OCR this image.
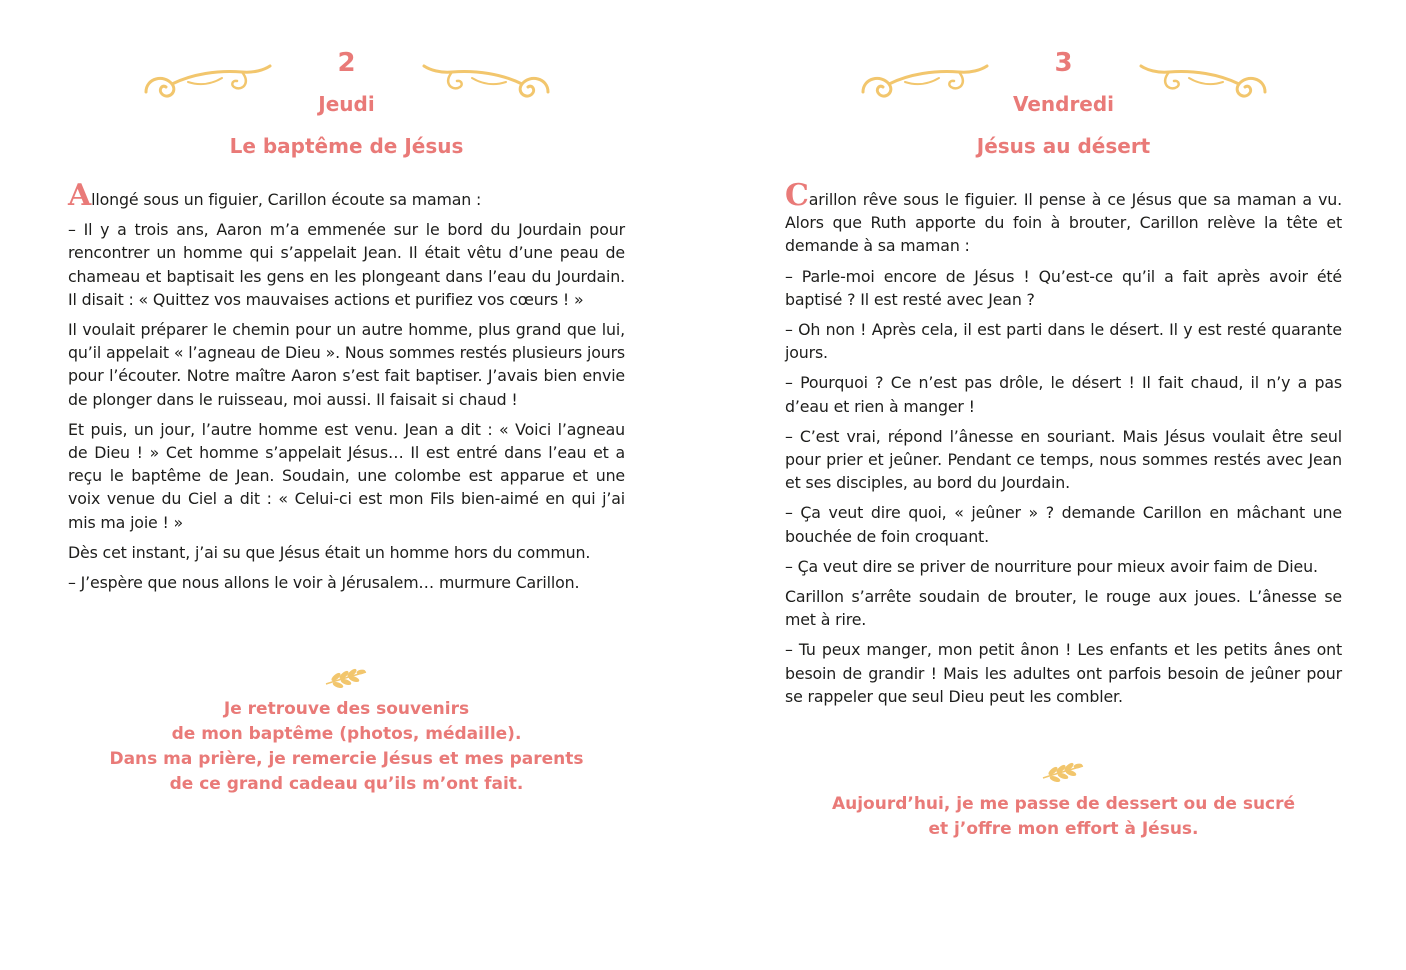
2
Jeudi
Le baptême de Jésus

Allongé sous un figuier, Carillon écoute sa maman :

– Il y a trois ans, Aaron m’a emmenée sur le bord du Jourdain pour rencontrer un homme qui s’appelait Jean. Il était vêtu d’une peau de chameau et baptisait les gens en les plongeant dans l’eau du Jourdain. Il disait : « Quittez vos mauvaises actions et purifiez vos cœurs ! »

Il voulait préparer le chemin pour un autre homme, plus grand que lui, qu’il appelait « l’agneau de Dieu ». Nous sommes restés plusieurs jours pour l’écouter. Notre maître Aaron s’est fait baptiser. J’avais bien envie de plonger dans le ruisseau, moi aussi. Il faisait si chaud !

Et puis, un jour, l’autre homme est venu. Jean a dit : « Voici l’agneau de Dieu ! » Cet homme s’appelait Jésus… Il est entré dans l’eau et a reçu le baptême de Jean. Soudain, une colombe est apparue et une voix venue du Ciel a dit : « Celui-ci est mon Fils bien-aimé en qui j’ai mis ma joie ! »

Dès cet instant, j’ai su que Jésus était un homme hors du commun.

– J’espère que nous allons le voir à Jérusalem… murmure Carillon.

Je retrouve des souvenirs
de mon baptême (photos, médaille).
Dans ma prière, je remercie Jésus et mes parents
de ce grand cadeau qu’ils m’ont fait.
3
Vendredi
Jésus au désert

Carillon rêve sous le figuier. Il pense à ce Jésus que sa maman a vu. Alors que Ruth apporte du foin à brouter, Carillon relève la tête et demande à sa maman :

– Parle-moi encore de Jésus ! Qu’est-ce qu’il a fait après avoir été baptisé ? Il est resté avec Jean ?

– Oh non ! Après cela, il est parti dans le désert. Il y est resté quarante jours.

– Pourquoi ? Ce n’est pas drôle, le désert ! Il fait chaud, il n’y a pas d’eau et rien à manger !

– C’est vrai, répond l’ânesse en souriant. Mais Jésus voulait être seul pour prier et jeûner. Pendant ce temps, nous sommes restés avec Jean et ses disciples, au bord du Jourdain.

– Ça veut dire quoi, « jeûner » ? demande Carillon en mâchant une bouchée de foin croquant.

– Ça veut dire se priver de nourriture pour mieux avoir faim de Dieu.

Carillon s’arrête soudain de brouter, le rouge aux joues. L’ânesse se met à rire.

– Tu peux manger, mon petit ânon ! Les enfants et les petits ânes ont besoin de grandir ! Mais les adultes ont parfois besoin de jeûner pour se rappeler que seul Dieu peut les combler.

Aujourd’hui, je me passe de dessert ou de sucré
et j’offre mon effort à Jésus.
